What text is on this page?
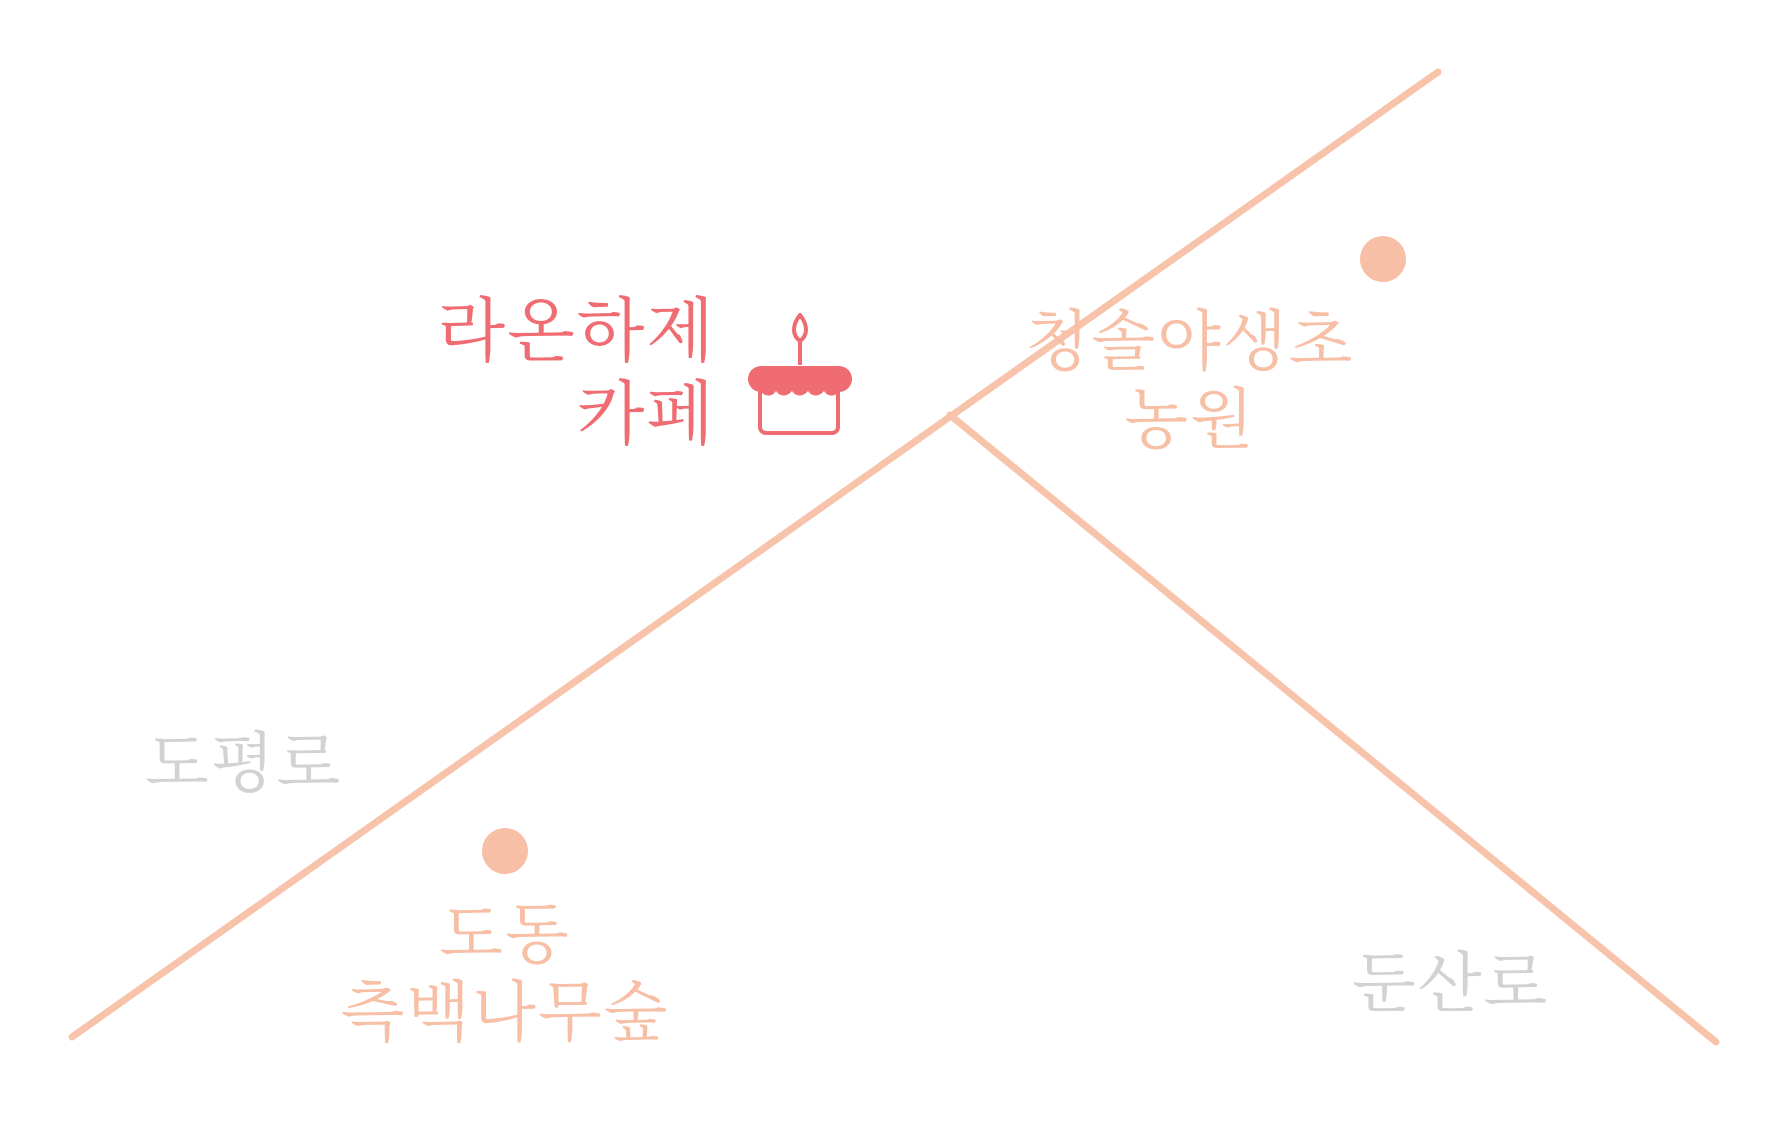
라온하제
카페
청솔야생초
농원
도동
측백나무숲
도평로
둔산로
